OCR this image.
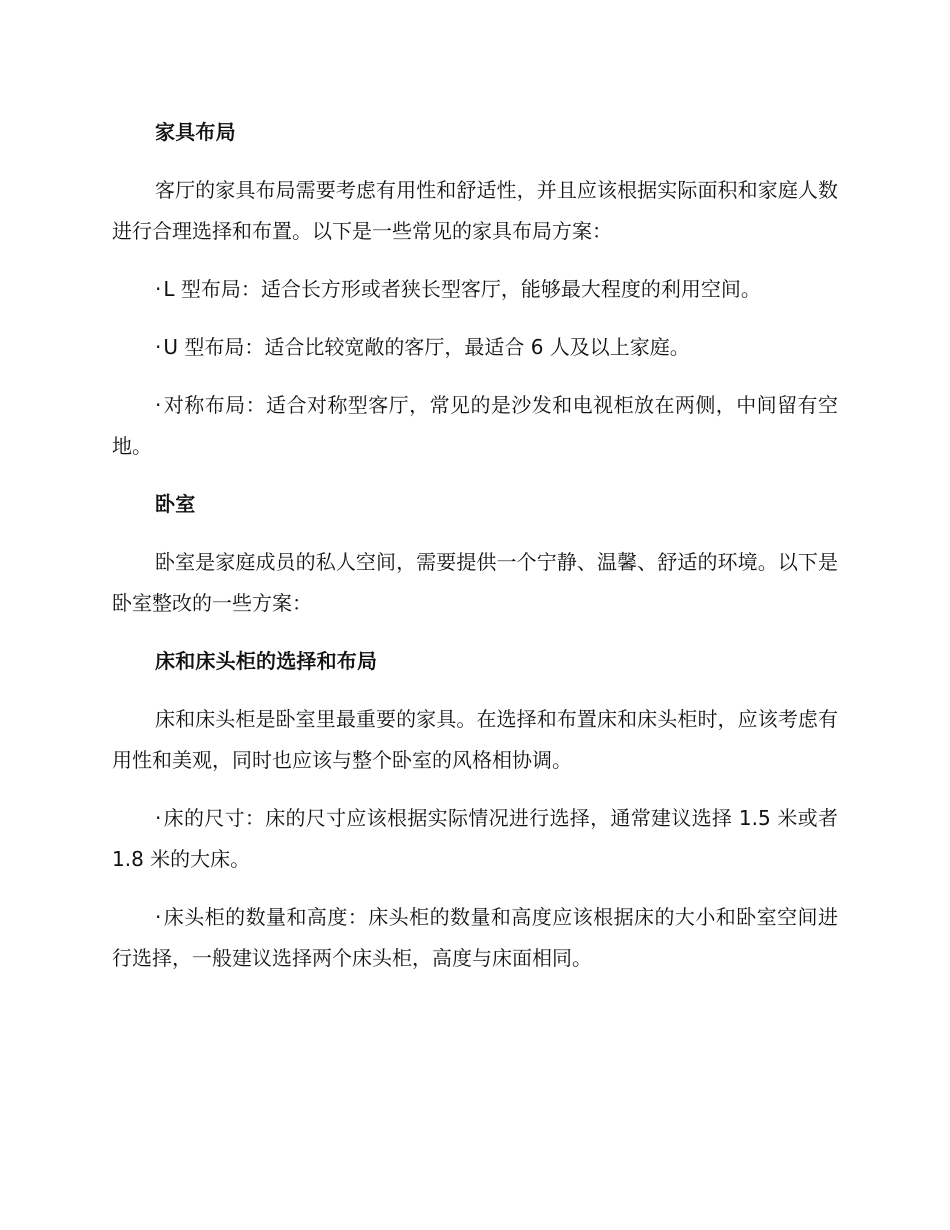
家具布局
客厅的家具布局需要考虑有用性和舒适性，并且应该根据实际面积和家庭人数进行合理选择和布置。以下是一些常见的家具布局方案：
· L 型布局：适合长方形或者狭长型客厅，能够最大程度的利用空间。
· U 型布局：适合比较宽敞的客厅，最适合 6 人及以上家庭。
· 对称布局：适合对称型客厅，常见的是沙发和电视柜放在两侧，中间留有空地。
卧室
卧室是家庭成员的私人空间，需要提供一个宁静、温馨、舒适的环境。以下是卧室整改的一些方案：
床和床头柜的选择和布局
床和床头柜是卧室里最重要的家具。在选择和布置床和床头柜时，应该考虑有用性和美观，同时也应该与整个卧室的风格相协调。
· 床的尺寸：床的尺寸应该根据实际情况进行选择，通常建议选择 1.5 米或者 1.8 米的大床。
· 床头柜的数量和高度：床头柜的数量和高度应该根据床的大小和卧室空间进行选择，一般建议选择两个床头柜，高度与床面相同。
